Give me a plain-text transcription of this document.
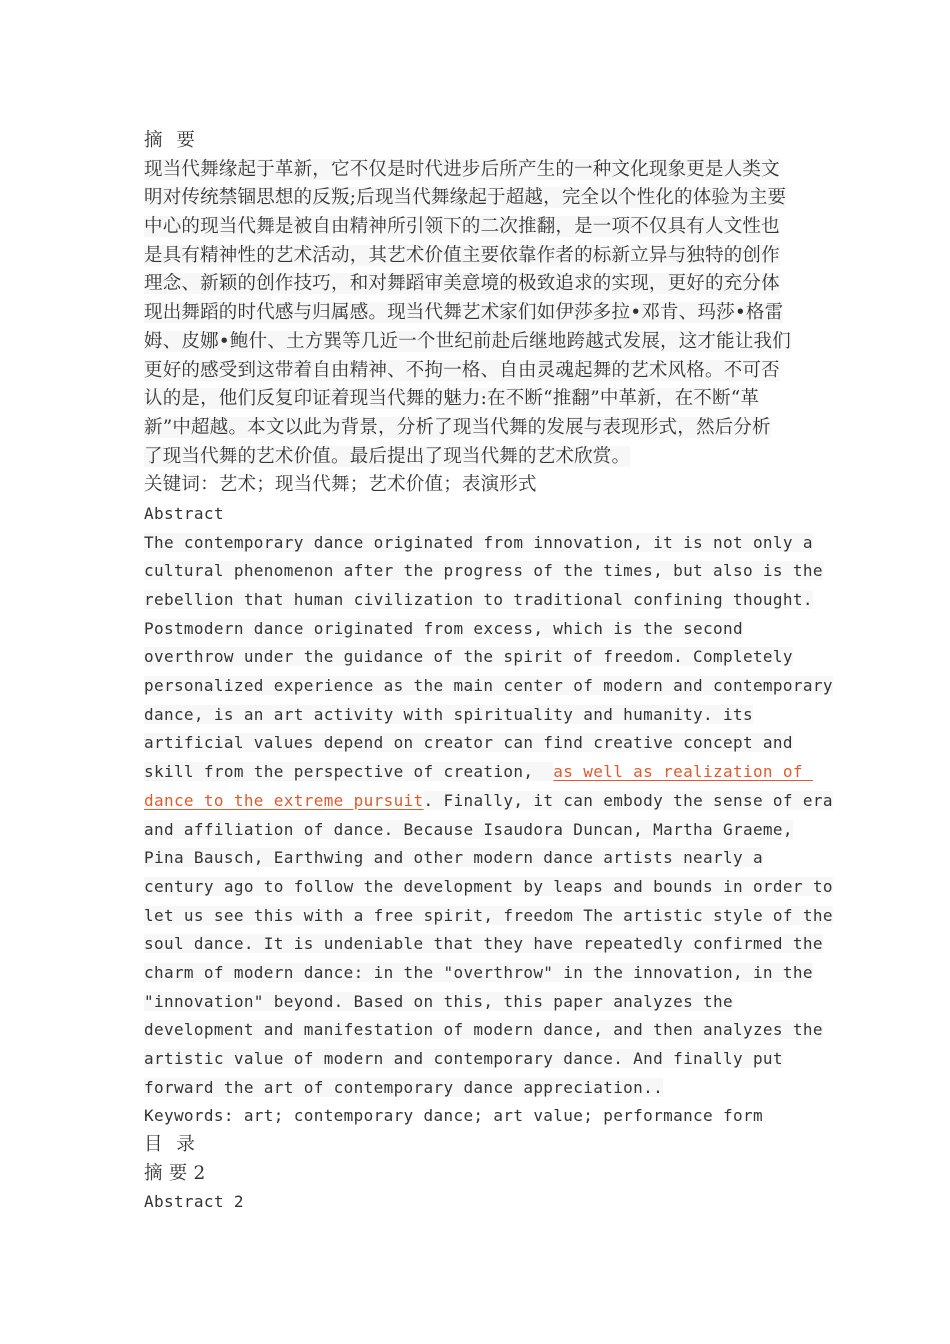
摘 要
现当代舞缘起于革新，它不仅是时代进步后所产生的一种文化现象更是人类文
明对传统禁锢思想的反叛;后现当代舞缘起于超越，完全以个性化的体验为主要
中心的现当代舞是被自由精神所引领下的二次推翻，是一项不仅具有人文性也
是具有精神性的艺术活动，其艺术价值主要依靠作者的标新立异与独特的创作
理念、新颖的创作技巧，和对舞蹈审美意境的极致追求的实现，更好的充分体
现出舞蹈的时代感与归属感。现当代舞艺术家们如伊莎多拉•邓肯、玛莎•格雷
姆、皮娜•鲍什、土方巽等几近一个世纪前赴后继地跨越式发展，这才能让我们
更好的感受到这带着自由精神、不拘一格、自由灵魂起舞的艺术风格。不可否
认的是，他们反复印证着现当代舞的魅力:在不断“推翻”中革新，在不断“革
新”中超越。本文以此为背景，分析了现当代舞的发展与表现形式，然后分析
了现当代舞的艺术价值。最后提出了现当代舞的艺术欣赏。
关键词：艺术；现当代舞；艺术价值；表演形式
Abstract
The contemporary dance originated from innovation, it is not only a
cultural phenomenon after the progress of the times, but also is the
rebellion that human civilization to traditional confining thought.
Postmodern dance originated from excess, which is the second
overthrow under the guidance of the spirit of freedom. Completely
personalized experience as the main center of modern and contemporary
dance, is an art activity with spirituality and humanity. its
artificial values depend on creator can find creative concept and
skill from the perspective of creation,  as well as realization of
dance to the extreme pursuit. Finally, it can embody the sense of era
and affiliation of dance. Because Isaudora Duncan, Martha Graeme,
Pina Bausch, Earthwing and other modern dance artists nearly a
century ago to follow the development by leaps and bounds in order to
let us see this with a free spirit, freedom The artistic style of the
soul dance. It is undeniable that they have repeatedly confirmed the
charm of modern dance: in the "overthrow" in the innovation, in the
"innovation" beyond. Based on this, this paper analyzes the
development and manifestation of modern dance, and then analyzes the
artistic value of modern and contemporary dance. And finally put
forward the art of contemporary dance appreciation..
Keywords: art; contemporary dance; art value; performance form
目 录
摘 要 2
Abstract 2
